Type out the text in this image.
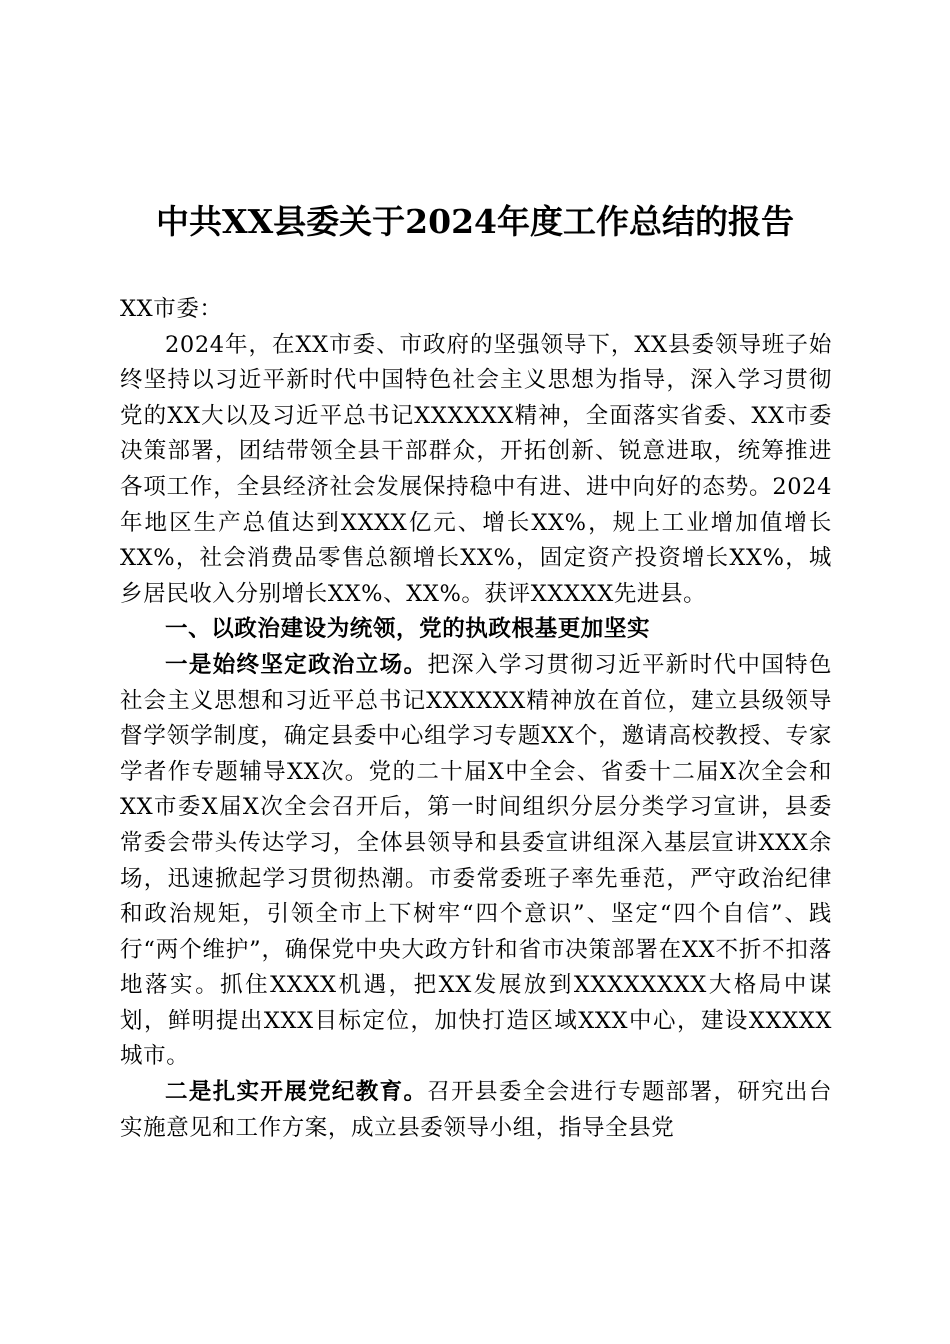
中共XX县委关于2024年度工作总结的报告

XX市委：

2024年，在XX市委、市政府的坚强领导下，XX县委领导班子始终坚持以习近平新时代中国特色社会主义思想为指导，深入学习贯彻党的XX大以及习近平总书记XXXXXX精神，全面落实省委、XX市委决策部署，团结带领全县干部群众，开拓创新、锐意进取，统筹推进各项工作，全县经济社会发展保持稳中有进、进中向好的态势。2024年地区生产总值达到XXXX亿元、增长XX%，规上工业增加值增长XX%，社会消费品零售总额增长XX%，固定资产投资增长XX%，城乡居民收入分别增长XX%、XX%。获评XXXXX先进县。

一、以政治建设为统领，党的执政根基更加坚实

一是始终坚定政治立场。把深入学习贯彻习近平新时代中国特色社会主义思想和习近平总书记XXXXXX精神放在首位，建立县级领导督学领学制度，确定县委中心组学习专题XX个，邀请高校教授、专家学者作专题辅导XX次。党的二十届X中全会、省委十二届X次全会和XX市委X届X次全会召开后，第一时间组织分层分类学习宣讲，县委常委会带头传达学习，全体县领导和县委宣讲组深入基层宣讲XXX余场，迅速掀起学习贯彻热潮。市委常委班子率先垂范，严守政治纪律和政治规矩，引领全市上下树牢“四个意识”、坚定“四个自信”、践行“两个维护”，确保党中央大政方针和省市决策部署在XX不折不扣落地落实。抓住XXXX机遇，把XX发展放到XXXXXXXX大格局中谋划，鲜明提出XXX目标定位，加快打造区域XXX中心，建设XXXXX城市。

二是扎实开展党纪教育。召开县委全会进行专题部署，研究出台实施意见和工作方案，成立县委领导小组，指导全县党
